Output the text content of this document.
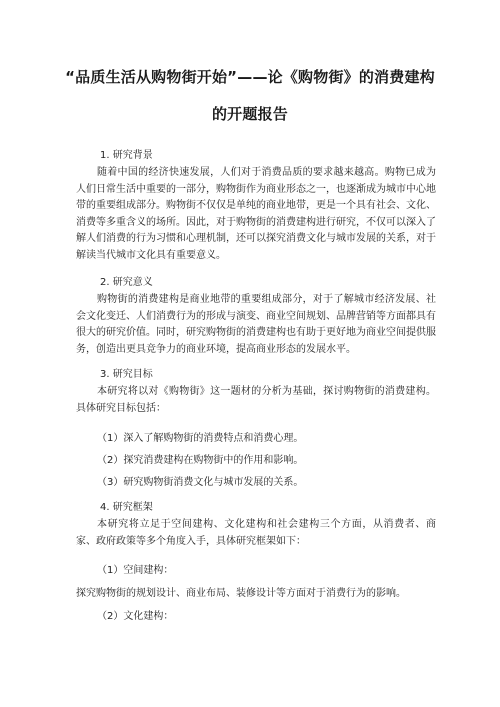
“品质生活从购物街开始”——论《购物街》的消费建构
的开题报告
1. 研究背景

随着中国的经济快速发展，人们对于消费品质的要求越来越高。购物已成为人们日常生活中重要的一部分，购物街作为商业形态之一，也逐渐成为城市中心地带的重要组成部分。购物街不仅仅是单纯的商业地带，更是一个具有社会、文化、消费等多重含义的场所。因此，对于购物街的消费建构进行研究，不仅可以深入了解人们消费的行为习惯和心理机制，还可以探究消费文化与城市发展的关系，对于解读当代城市文化具有重要意义。

2. 研究意义

购物街的消费建构是商业地带的重要组成部分，对于了解城市经济发展、社会文化变迁、人们消费行为的形成与演变、商业空间规划、品牌营销等方面都具有很大的研究价值。同时，研究购物街的消费建构也有助于更好地为商业空间提供服务，创造出更具竞争力的商业环境，提高商业形态的发展水平。

3. 研究目标

本研究将以对《购物街》这一题材的分析为基础，探讨购物街的消费建构。具体研究目标包括：

（1）深入了解购物街的消费特点和消费心理。
（2）探究消费建构在购物街中的作用和影响。
（3）研究购物街消费文化与城市发展的关系。
4. 研究框架

本研究将立足于空间建构、文化建构和社会建构三个方面，从消费者、商家、政府政策等多个角度入手，具体研究框架如下：

（1）空间建构：
探究购物街的规划设计、商业布局、装修设计等方面对于消费行为的影响。
（2）文化建构：
